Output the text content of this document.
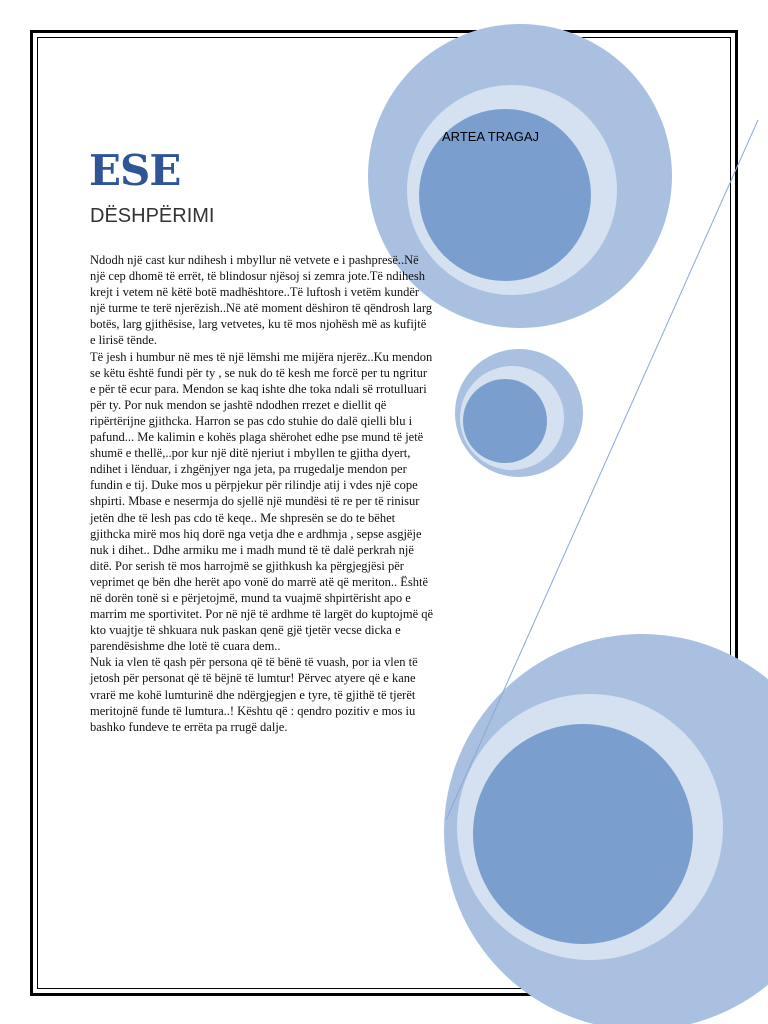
ARTEA TRAGAJ
ESE
DËSHPËRIMI

Ndodh një cast kur ndihesh i mbyllur në vetvete e i pashpresë..Në një cep dhomë të errët, të blindosur njësoj si zemra jote.Të ndihesh krejt i vetem në këtë botë madhështore..Të luftosh i vetëm kundër një turme te terë njerëzish..Në atë moment dëshiron të qëndrosh larg botës, larg gjithësise, larg vetvetes, ku të mos njohësh më as kufijtë e lirisë tënde.

Të jesh i humbur në mes të një lëmshi me mijëra njerëz..Ku mendon se këtu është fundi për ty , se nuk do të kesh me forcë per tu ngritur e për të ecur para. Mendon se kaq ishte dhe toka ndali së rrotulluari për ty. Por nuk mendon se jashtë ndodhen rrezet e diellit që ripërtërijne gjithcka. Harron se pas cdo stuhie do dalë qielli blu i pafund... Me kalimin e kohës plaga shërohet edhe pse mund të jetë shumë e thellë,..por kur një ditë njeriut i mbyllen te gjitha dyert, ndihet i lënduar, i zhgënjyer nga jeta, pa rrugedalje mendon per fundin e tij. Duke mos u përpjekur për rilindje atij i vdes një cope shpirti. Mbase e nesermja do sjellë një mundësi të re per të rinisur jetën dhe të lesh pas cdo të keqe.. Me shpresën se do te bëhet gjithcka mirë mos hiq dorë nga vetja dhe e ardhmja , sepse asgjëje nuk i dihet.. Ddhe armiku me i madh mund të të dalë perkrah një ditë. Por serish të mos harrojmë se gjithkush ka përgjegjësi për veprimet qe bën dhe herët apo vonë do marrë atë që meriton.. Është në dorën tonë si e përjetojmë, mund ta vuajmë shpirtërisht apo e marrim me sportivitet. Por në një të ardhme të largët do kuptojmë që kto vuajtje të shkuara nuk paskan qenë gjë tjetër vecse dicka e parendësishme dhe lotë të cuara dem..

Nuk ia vlen të qash për persona që të bënë të vuash, por ia vlen të jetosh për personat që të bëjnë të lumtur! Përvec atyere që e kane vrarë me kohë lumturinë dhe ndërgjegjen e tyre, të gjithë të tjerët meritojnë funde të lumtura..! Kështu që : qendro pozitiv e mos iu bashko fundeve te errëta pa rrugë dalje.
